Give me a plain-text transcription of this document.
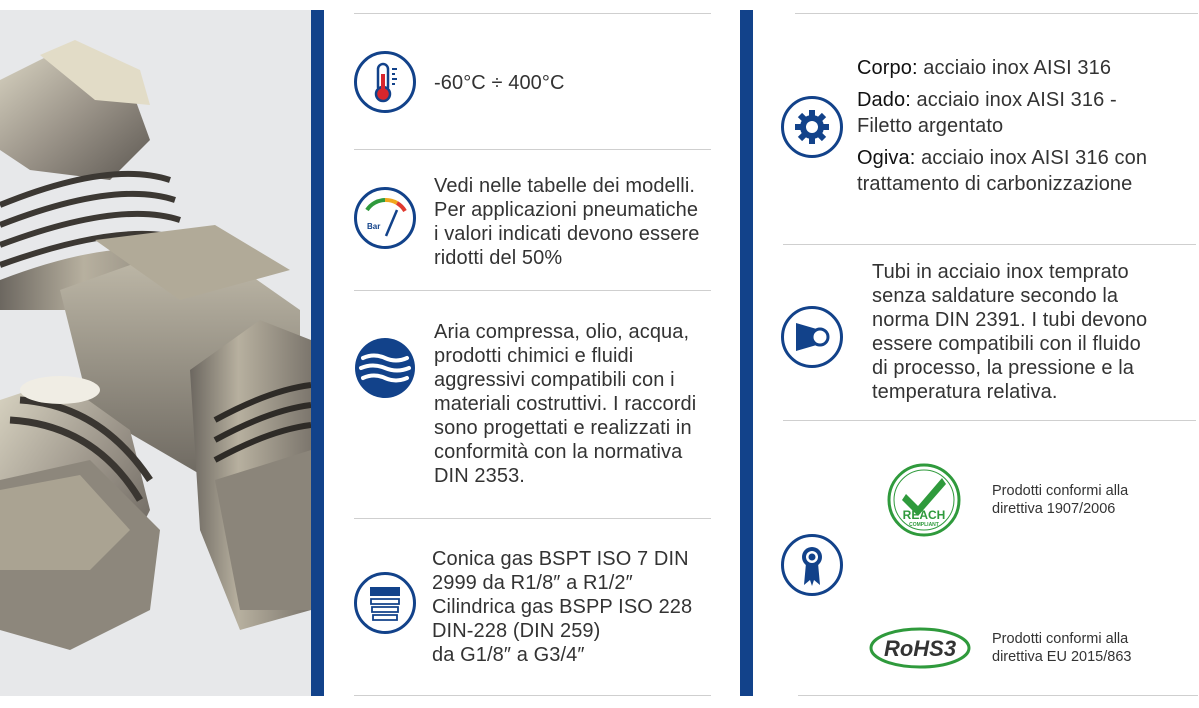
-60°C ÷ 400°C
Bar
Vedi nelle tabelle dei modelli.
Per applicazioni pneumatiche
i valori indicati devono essere
ridotti del 50%
Aria compressa, olio, acqua,
prodotti chimici e fluidi
aggressivi compatibili con i
materiali costruttivi. I raccordi
sono progettati e realizzati in
conformità con la normativa
DIN 2353.
Conica gas BSPT ISO 7 DIN
2999 da R1/8″ a R1/2″
Cilindrica gas BSPP ISO 228
DIN-228 (DIN 259)
da G1/8″ a G3/4″
Corpo: acciaio inox AISI 316
Dado: acciaio inox AISI 316 -
Filetto argentato
Ogiva: acciaio inox AISI 316 con
trattamento di carbonizzazione
Tubi in acciaio inox temprato
senza saldature secondo la
norma DIN 2391. I tubi devono
essere compatibili con il fluido
di processo, la pressione e la
temperatura relativa.
REACH
COMPLIANT
Prodotti conformi alla
direttiva 1907/2006
RoHS3 Prodotti conformi alla
direttiva EU 2015/863
